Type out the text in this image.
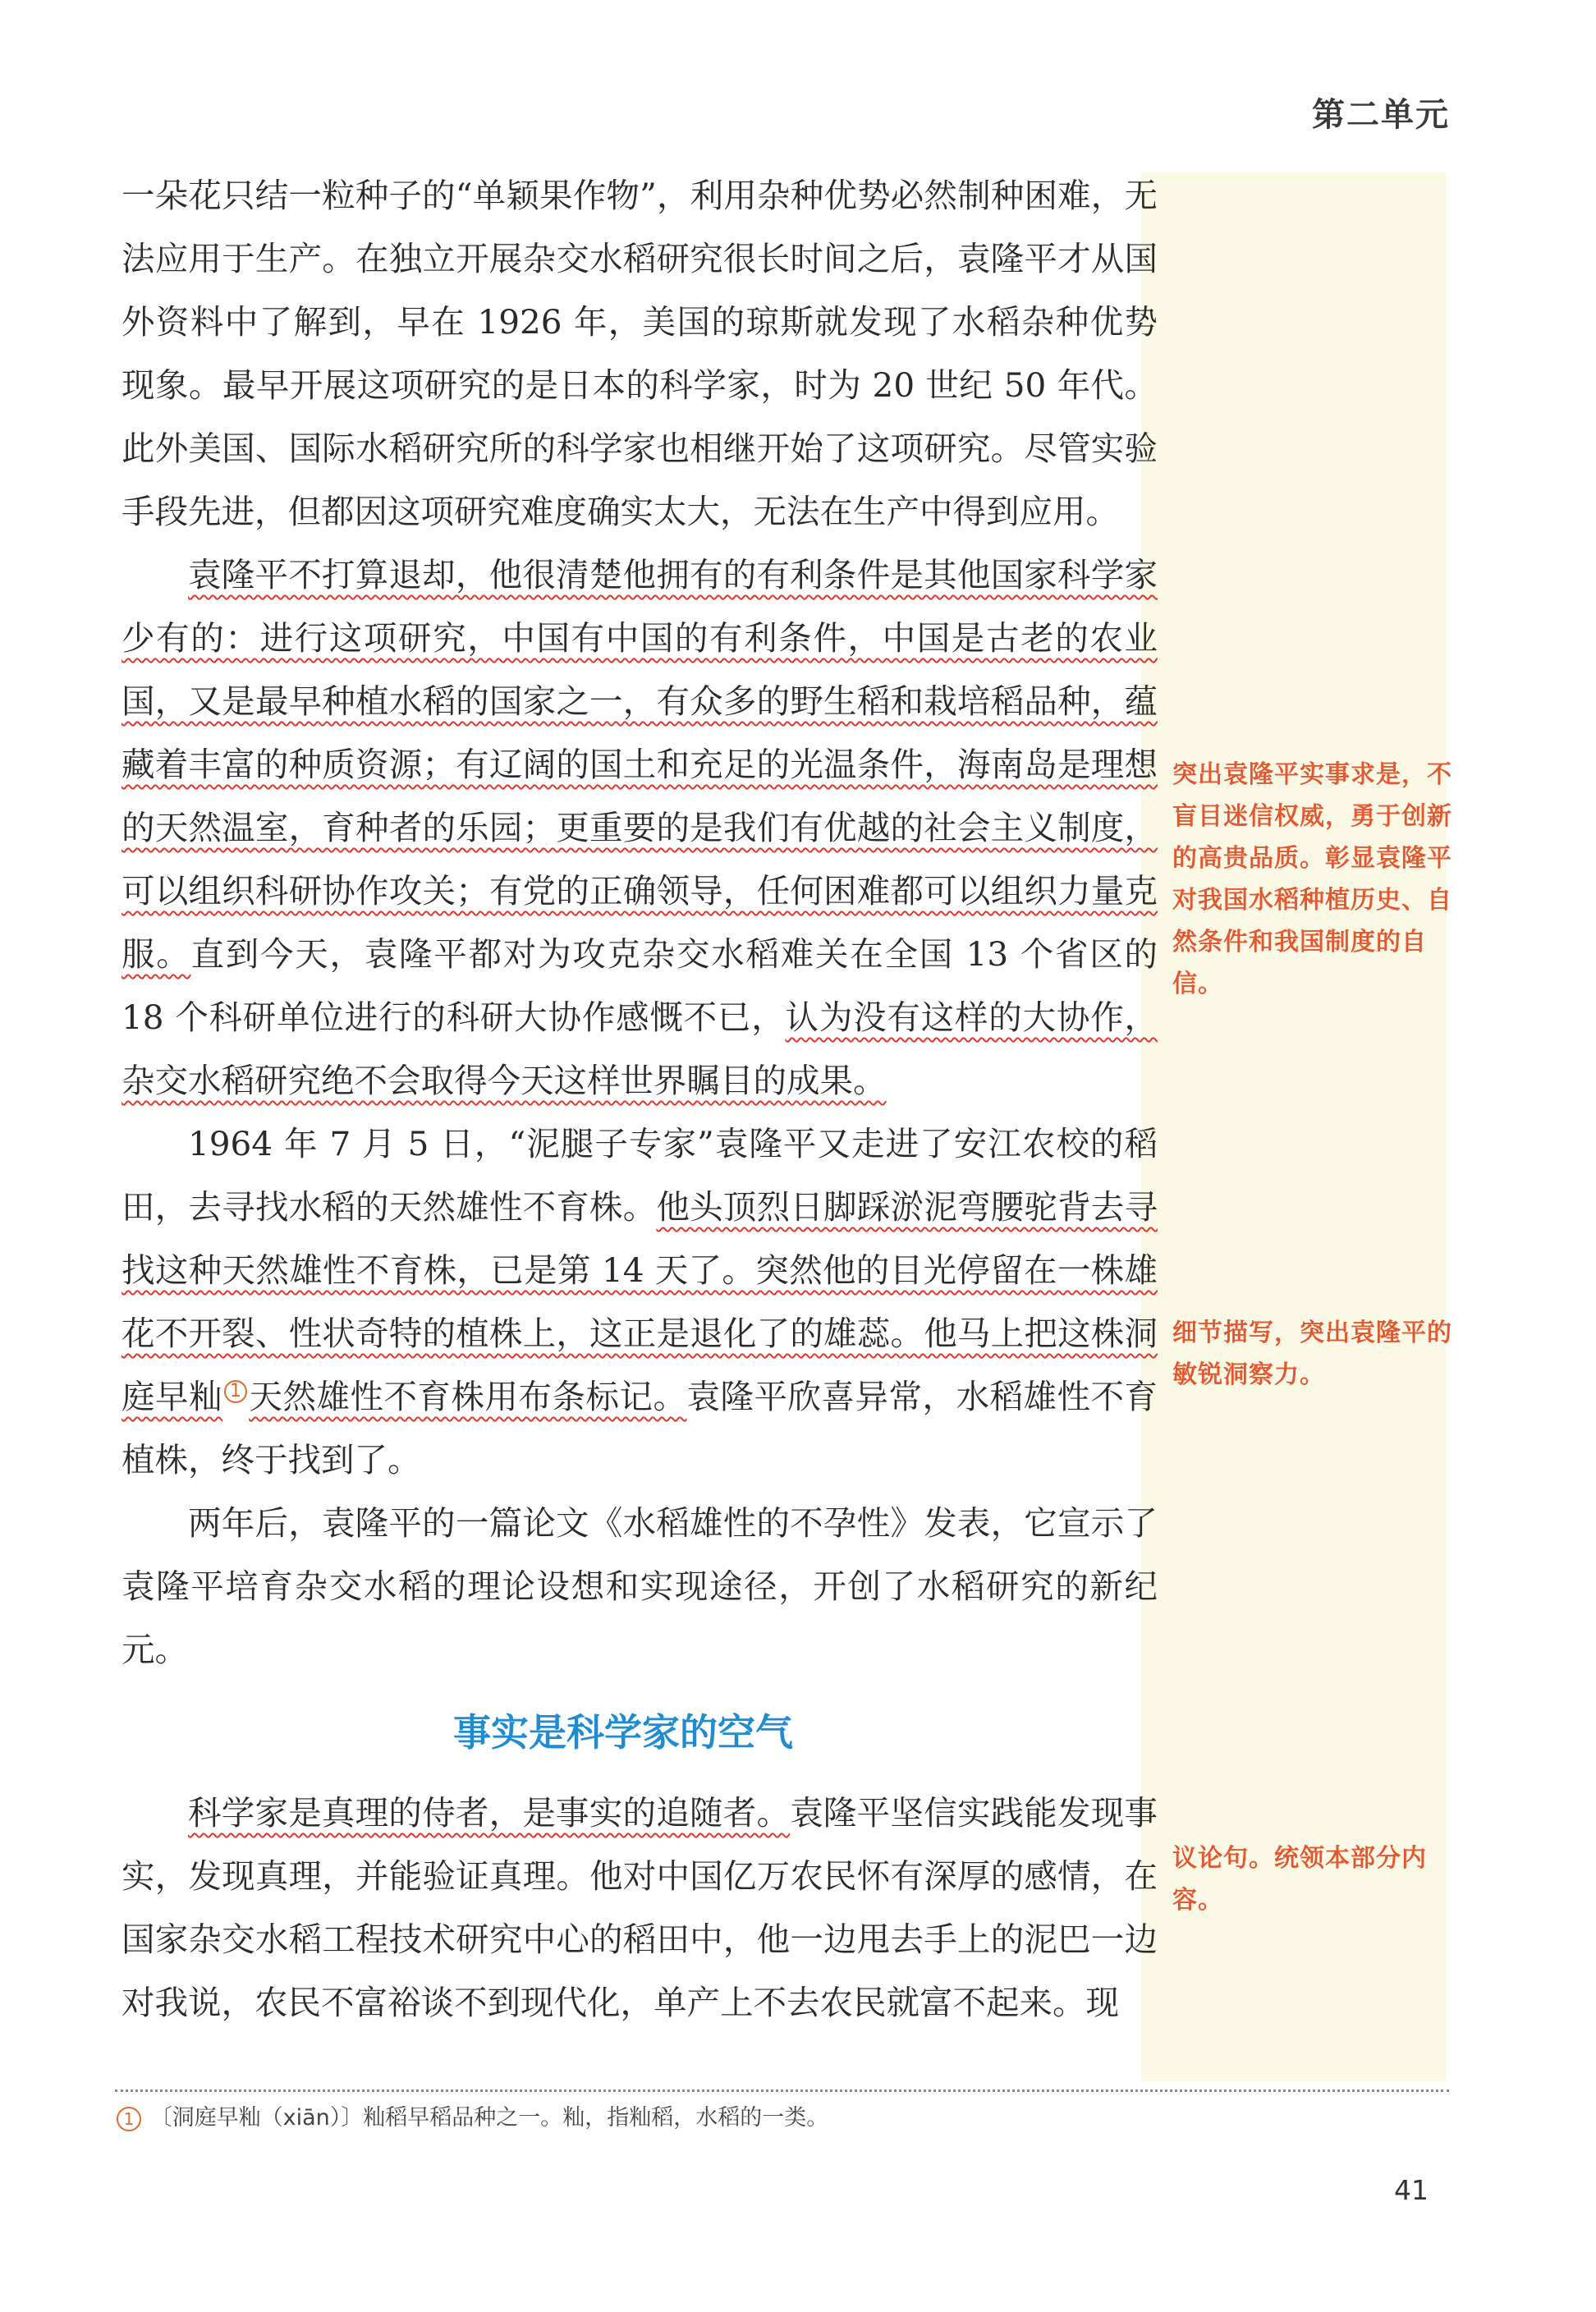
第二单元

一朵花只结一粒种子的“单颖果作物”，利用杂种优势必然制种困难，无法应用于生产。在独立开展杂交水稻研究很长时间之后，袁隆平才从国外资料中了解到，早在 1926 年，美国的琼斯就发现了水稻杂种优势现象。最早开展这项研究的是日本的科学家，时为 20 世纪 50 年代。此外美国、国际水稻研究所的科学家也相继开始了这项研究。尽管实验手段先进，但都因这项研究难度确实太大，无法在生产中得到应用。

袁隆平不打算退却，他很清楚他拥有的有利条件是其他国家科学家少有的：进行这项研究，中国有中国的有利条件，中国是古老的农业国，又是最早种植水稻的国家之一，有众多的野生稻和栽培稻品种，蕴藏着丰富的种质资源；有辽阔的国土和充足的光温条件，海南岛是理想的天然温室，育种者的乐园；更重要的是我们有优越的社会主义制度，可以组织科研协作攻关；有党的正确领导，任何困难都可以组织力量克服。直到今天，袁隆平都对为攻克杂交水稻难关在全国 13 个省区的 18 个科研单位进行的科研大协作感慨不已，认为没有这样的大协作，杂交水稻研究绝不会取得今天这样世界瞩目的成果。

1964 年 7 月 5 日，“泥腿子专家”袁隆平又走进了安江农校的稻田，去寻找水稻的天然雄性不育株。他头顶烈日脚踩淤泥弯腰驼背去寻找这种天然雄性不育株，已是第 14 天了。突然他的目光停留在一株雄花不开裂、性状奇特的植株上，这正是退化了的雄蕊。他马上把这株洞庭早籼 1 天然雄性不育株用布条标记。袁隆平欣喜异常，水稻雄性不育植株，终于找到了。

两年后，袁隆平的一篇论文《水稻雄性的不孕性》发表，它宣示了袁隆平培育杂交水稻的理论设想和实现途径，开创了水稻研究的新纪元。

事实是科学家的空气

科学家是真理的侍者，是事实的追随者。袁隆平坚信实践能发现事实，发现真理，并能验证真理。他对中国亿万农民怀有深厚的感情，在国家杂交水稻工程技术研究中心的稻田中，他一边甩去手上的泥巴一边对我说，农民不富裕谈不到现代化，单产上不去农民就富不起来。现

突出袁隆平实事求是，不盲目迷信权威，勇于创新的高贵品质。彰显袁隆平对我国水稻种植历史、自然条件和我国制度的自信。
细节描写，突出袁隆平的敏锐洞察力。
议论句。统领本部分内容。
1 〔洞庭早籼（xiān）〕籼稻早稻品种之一。籼，指籼稻，水稻的一类。
41
